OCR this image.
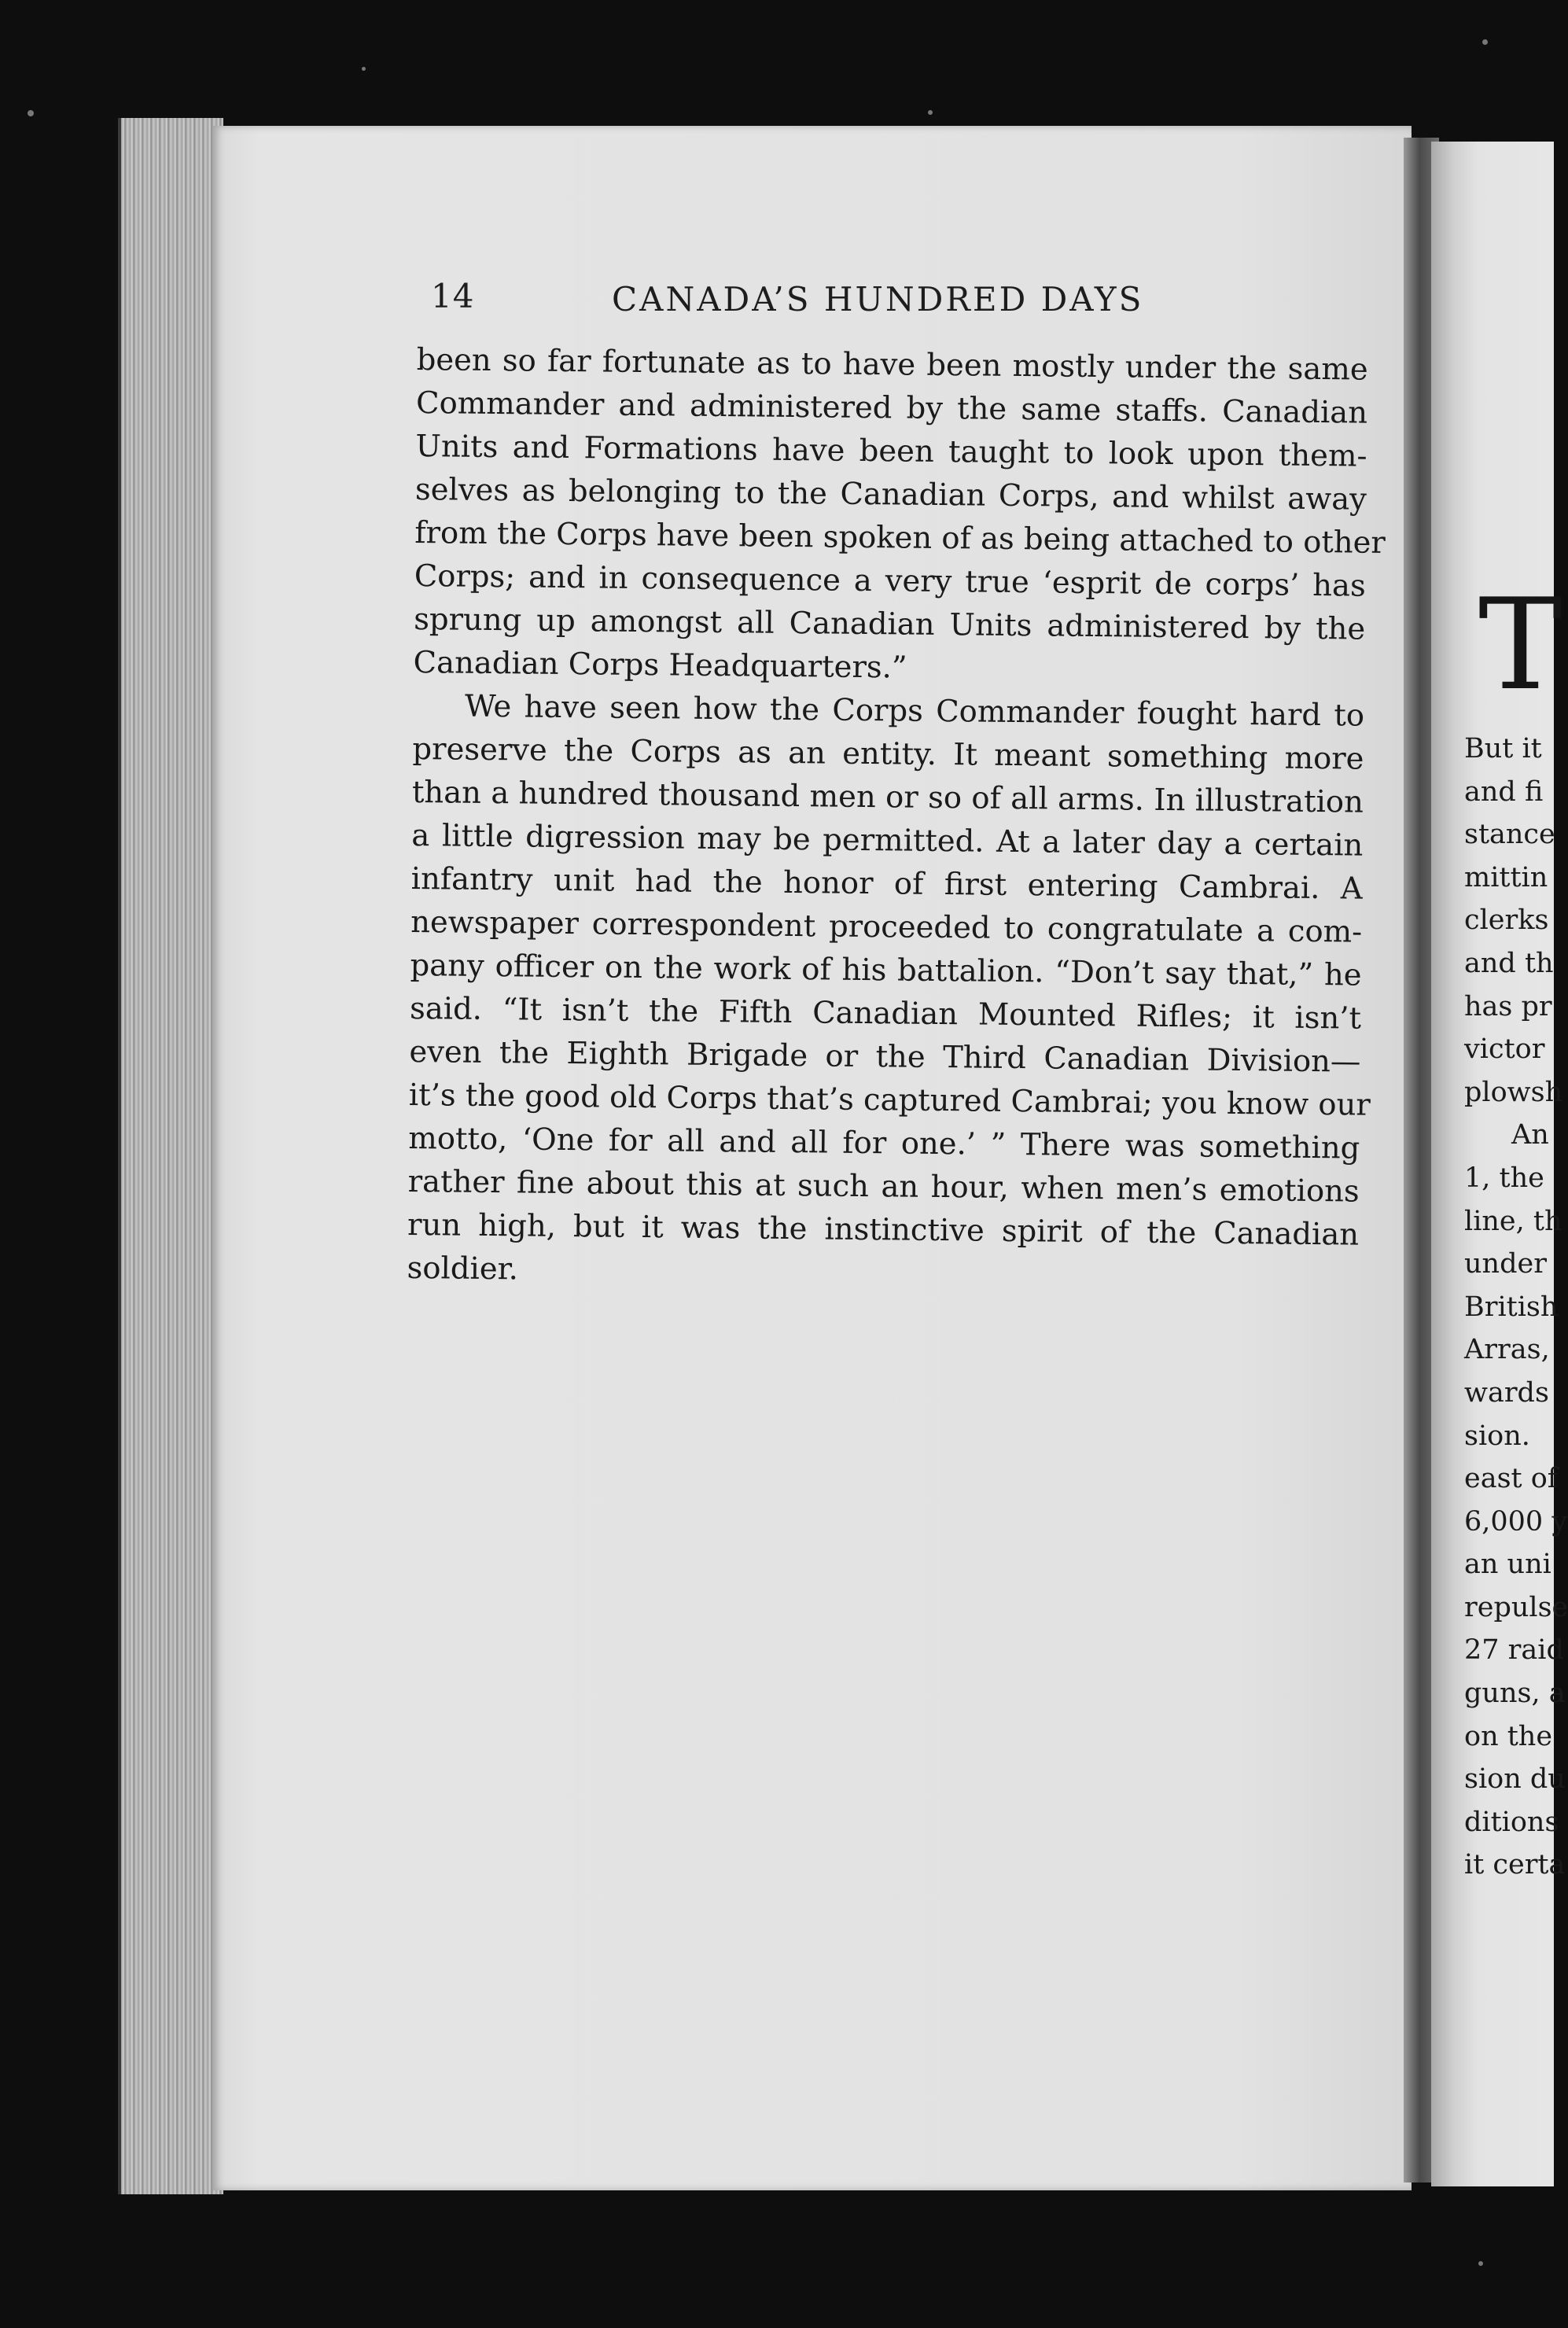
14	CANADA’S HUNDRED DAYS
been so far fortunate as to have been mostly under the same
Commander and administered by the same staffs. Canadian
Units and Formations have been taught to look upon them-
selves as belonging to the Canadian Corps, and whilst away
from the Corps have been spoken of as being attached to other
Corps; and in consequence a very true ‘esprit de corps’ has
sprung up amongst all Canadian Units administered by the
Canadian Corps Headquarters.”
We have seen how the Corps Commander fought hard to
preserve the Corps as an entity. It meant something more
than a hundred thousand men or so of all arms. In illustration
a little digression may be permitted. At a later day a certain
infantry unit had the honor of first entering Cambrai. A
newspaper correspondent proceeded to congratulate a com-
pany officer on the work of his battalion. “Don’t say that,” he
said. “It isn’t the Fifth Canadian Mounted Rifles; it isn’t
even the Eighth Brigade or the Third Canadian Division—
it’s the good old Corps that’s captured Cambrai; you know our
motto, ‘One for all and all for one.’ ” There was something
rather fine about this at such an hour, when men’s emotions
run high, but it was the instinctive spirit of the Canadian
soldier.
T
But it
and fi
stance
mittin
clerks
and th
has pr
victor
plowsh
An
1, the
line, th
under
British
Arras,
wards
sion.
east of
6,000 y
an uni
repulse
27 raid
guns, a
on the
sion du
ditions
it certa
